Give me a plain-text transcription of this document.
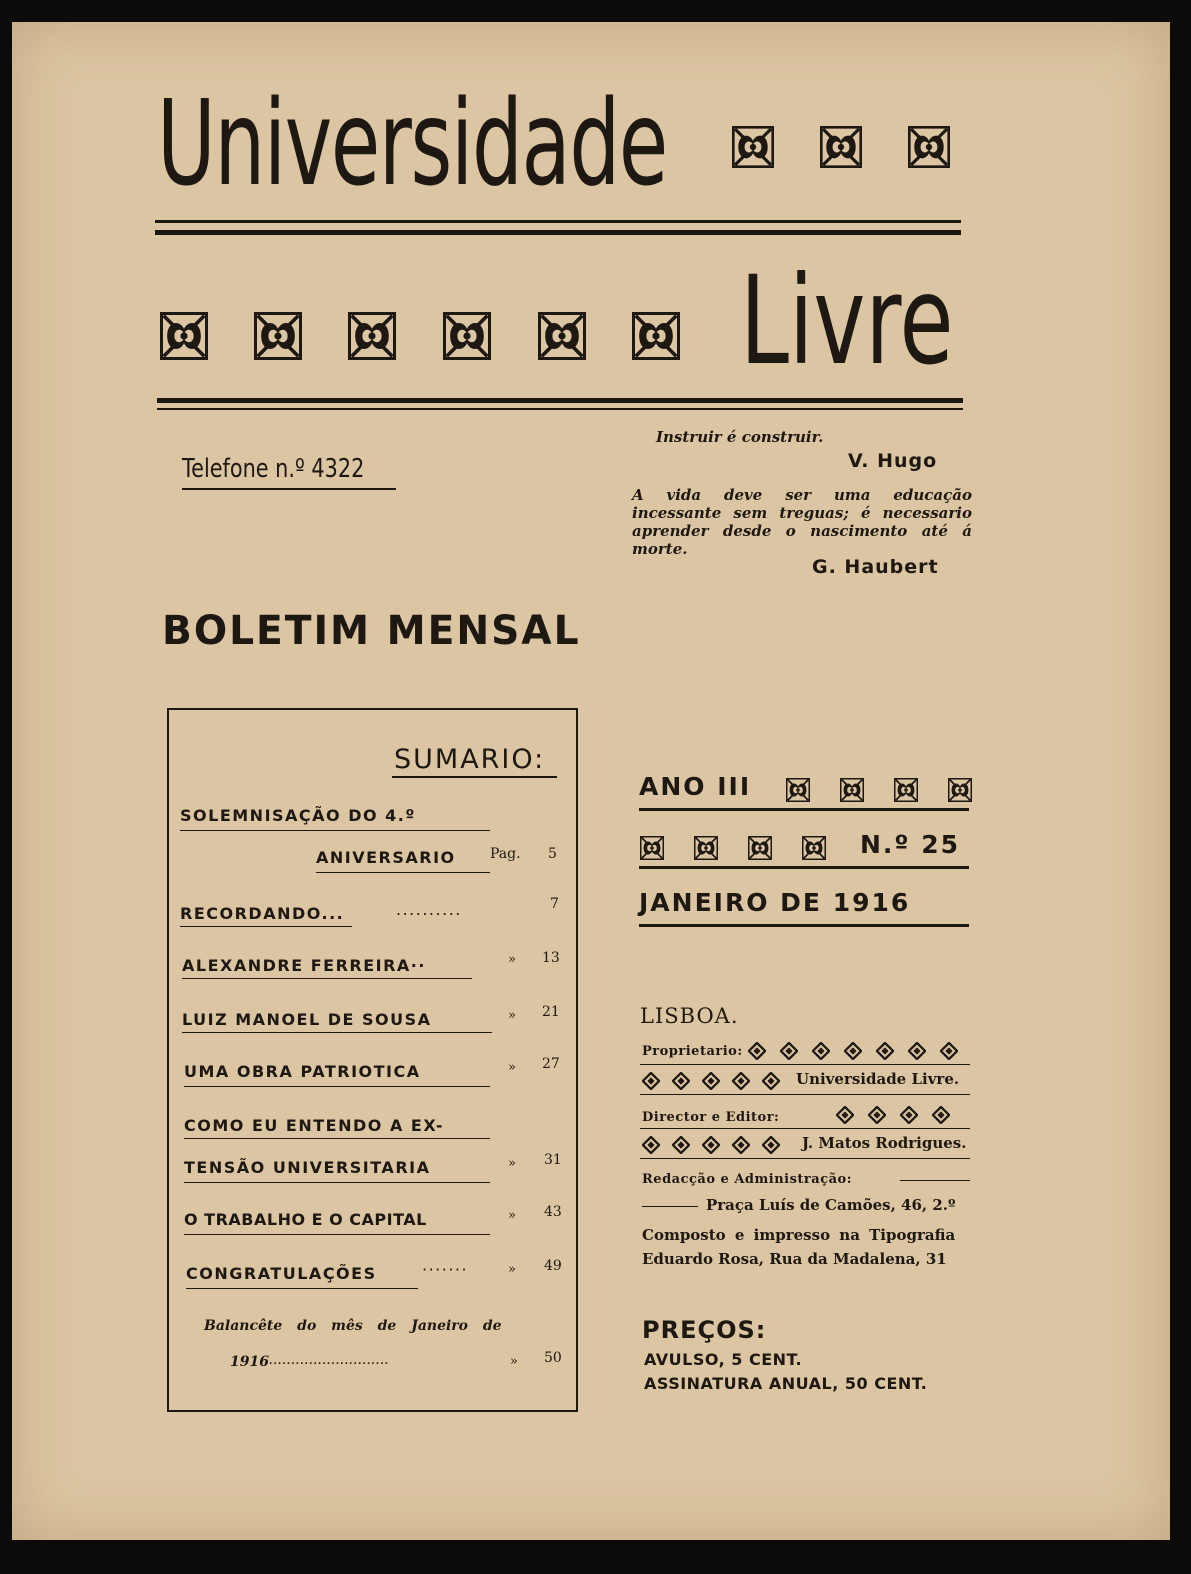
Universidade
Livre
Telefone n.º 4322
Instruir é construir.
V. Hugo
A vida deve ser uma educação incessante sem treguas; é necessario aprender desde o nascimento até á morte.
G. Haubert
BOLETIM MENSAL
SUMARIO:
SOLEMNISAÇÃO DO 4.º
ANIVERSARIO Pag. 5
RECORDANDO...	..........	7
ALEXANDRE FERREIRA··	» 13
LUIZ MANOEL DE SOUSA	» 21
UMA OBRA PATRIOTICA	» 27
COMO EU ENTENDO A EX-
TENSÃO UNIVERSITARIA	» 31
O TRABALHO E O CAPITAL	» 43
CONGRATULAÇÕES	·······	» 49
Balancête do mês de Janeiro de
1916
............................	» 50
ANO III
N.º 25
JANEIRO DE 1916
LISBOA.
Proprietario:
Universidade Livre.
Director e Editor:
J. Matos Rodrigues.
Redacção e Administração:
Praça Luís de Camões, 46, 2.º
Composto e impresso na Tipografia
Eduardo Rosa, Rua da Madalena, 31
PREÇOS:
AVULSO, 5 CENT.
ASSINATURA ANUAL, 50 CENT.
